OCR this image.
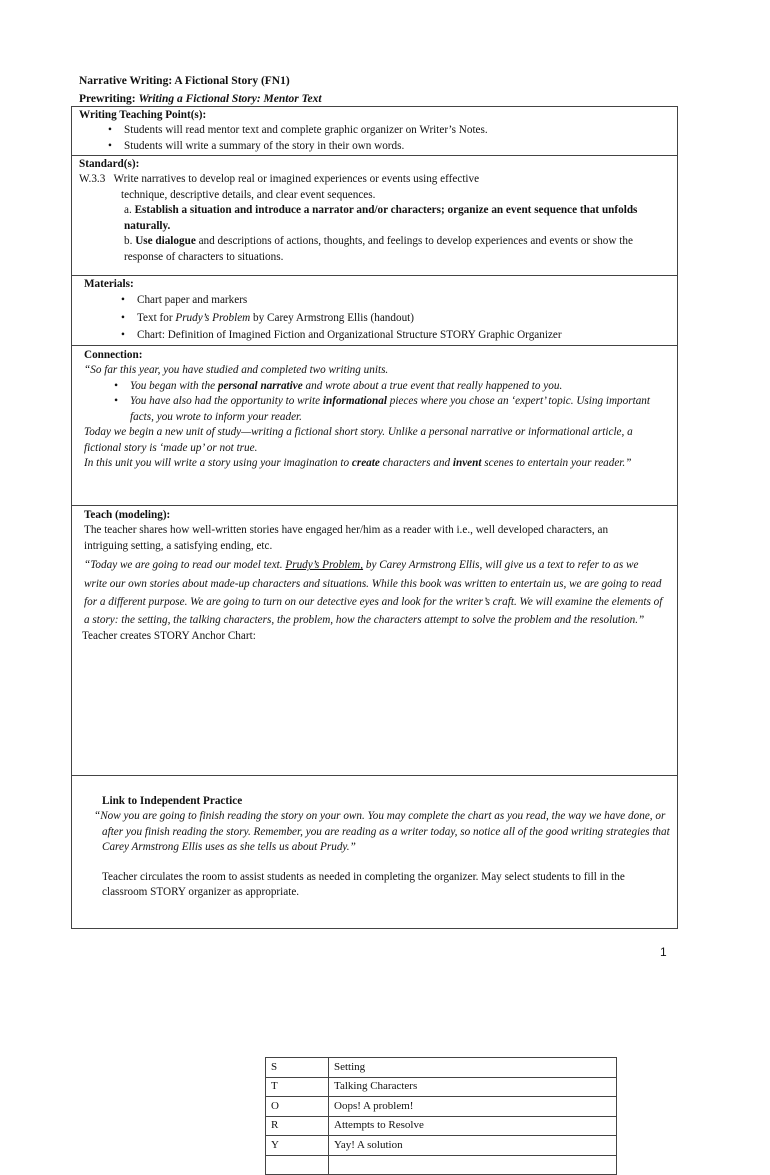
Narrative Writing: A Fictional Story (FN1)
Prewriting: Writing a Fictional Story: Mentor Text
Writing Teaching Point(s):
• Students will read mentor text and complete graphic organizer on Writer’s Notes.
• Students will write a summary of the story in their own words.
Standard(s):
W.3.3 Write narratives to develop real or imagined experiences or events using effective
technique, descriptive details, and clear event sequences.
a. Establish a situation and introduce a narrator and/or characters; organize an event sequence that unfolds naturally.
b. Use dialogue and descriptions of actions, thoughts, and feelings to develop experiences and events or show the response of characters to situations.
Materials:
• Chart paper and markers
• Text for Prudy’s Problem by Carey Armstrong Ellis (handout)
• Chart: Definition of Imagined Fiction and Organizational Structure STORY Graphic Organizer
Connection:
“So far this year, you have studied and completed two writing units.
• You began with the personal narrative and wrote about a true event that really happened to you.
• You have also had the opportunity to write informational pieces where you chose an ‘expert’ topic. Using important facts, you wrote to inform your reader.
Today we begin a new unit of study—writing a fictional short story. Unlike a personal narrative or informational article, a fictional story is ‘made up’ or not true.
In this unit you will write a story using your imagination to create characters and invent scenes to entertain your reader.”
Teach (modeling):
The teacher shares how well-written stories have engaged her/him as a reader with i.e., well developed characters, an intriguing setting, a satisfying ending, etc.
“Today we are going to read our model text. Prudy’s Problem, by Carey Armstrong Ellis, will give us a text to refer to as we write our own stories about made-up characters and situations. While this book was written to entertain us, we are going to read for a different purpose. We are going to turn on our detective eyes and look for the writer’s craft. We will examine the elements of a story: the setting, the talking characters, the problem, how the characters attempt to solve the problem and the resolution.”
Teacher creates STORY Anchor Chart:
S	Setting
T	Talking Characters
O	Oops! A problem!
R	Attempts to Resolve
Y	Yay! A solution

Link to Independent Practice
“Now you are going to finish reading the story on your own. You may complete the chart as you read, the way we have done, or after you finish reading the story. Remember, you are reading as a writer today, so notice all of the good writing strategies that Carey Armstrong Ellis uses as she tells us about Prudy.”
Teacher circulates the room to assist students as needed in completing the organizer. May select students to fill in the classroom STORY organizer as appropriate.
1
